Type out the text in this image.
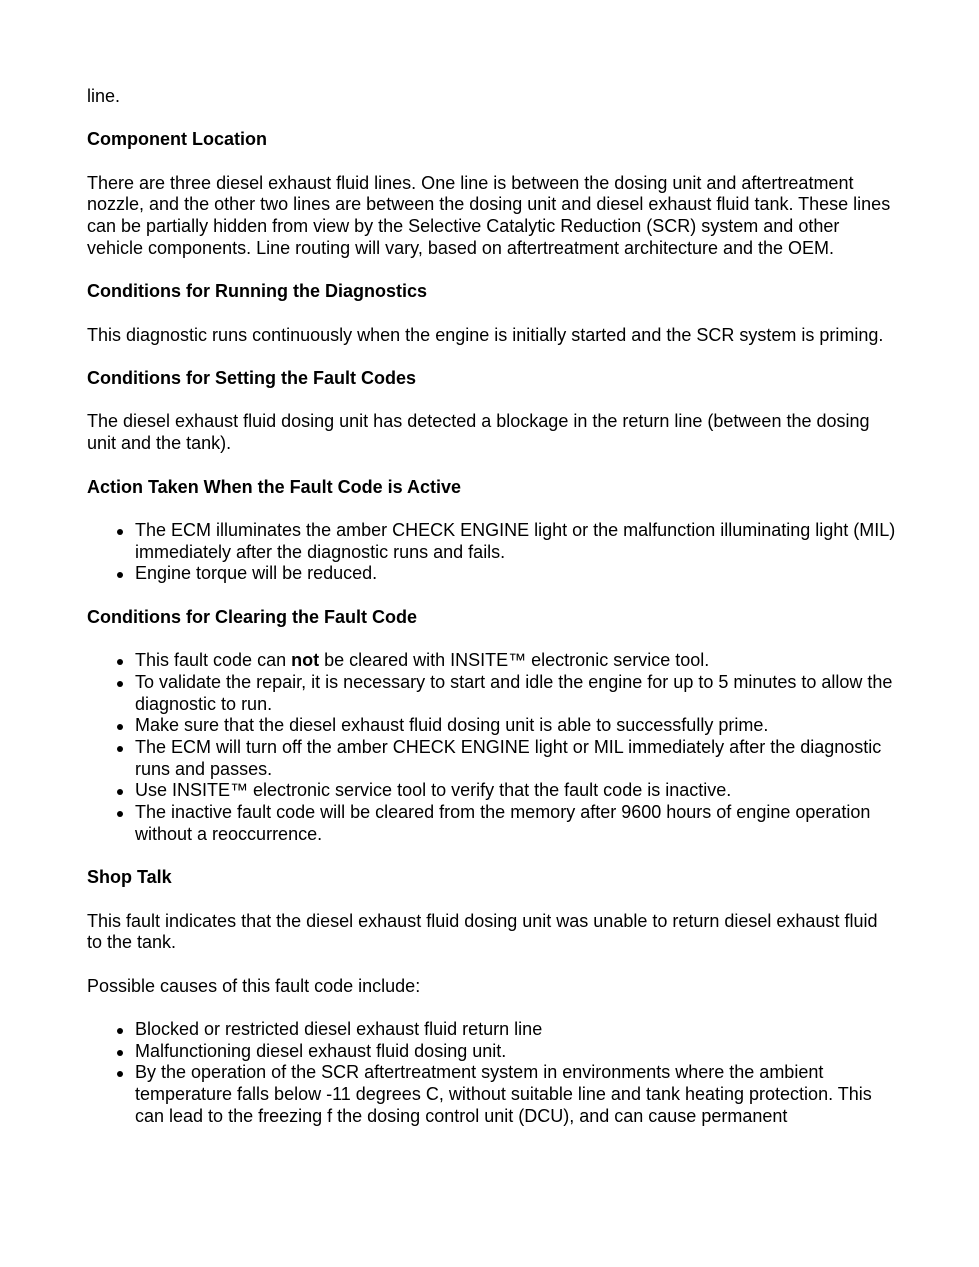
line.

Component Location

There are three diesel exhaust fluid lines. One line is between the dosing unit and aftertreatment nozzle, and the other two lines are between the dosing unit and diesel exhaust fluid tank. These lines can be partially hidden from view by the Selective Catalytic Reduction (SCR) system and other vehicle components. Line routing will vary, based on aftertreatment architecture and the OEM.

Conditions for Running the Diagnostics

This diagnostic runs continuously when the engine is initially started and the SCR system is priming.

Conditions for Setting the Fault Codes

The diesel exhaust fluid dosing unit has detected a blockage in the return line (between the dosing unit and the tank).

Action Taken When the Fault Code is Active
The ECM illuminates the amber CHECK ENGINE light or the malfunction illuminating light (MIL) immediately after the diagnostic runs and fails.
Engine torque will be reduced.
Conditions for Clearing the Fault Code
This fault code can not be cleared with INSITE™ electronic service tool.
To validate the repair, it is necessary to start and idle the engine for up to 5 minutes to allow the diagnostic to run.
Make sure that the diesel exhaust fluid dosing unit is able to successfully prime.
The ECM will turn off the amber CHECK ENGINE light or MIL immediately after the diagnostic runs and passes.
Use INSITE™ electronic service tool to verify that the fault code is inactive.
The inactive fault code will be cleared from the memory after 9600 hours of engine operation without a reoccurrence.
Shop Talk

This fault indicates that the diesel exhaust fluid dosing unit was unable to return diesel exhaust fluid to the tank.

Possible causes of this fault code include:

Blocked or restricted diesel exhaust fluid return line
Malfunctioning diesel exhaust fluid dosing unit.
By the operation of the SCR aftertreatment system in environments where the ambient temperature falls below -11 degrees C, without suitable line and tank heating protection. This can lead to the freezing f the dosing control unit (DCU), and can cause permanent
